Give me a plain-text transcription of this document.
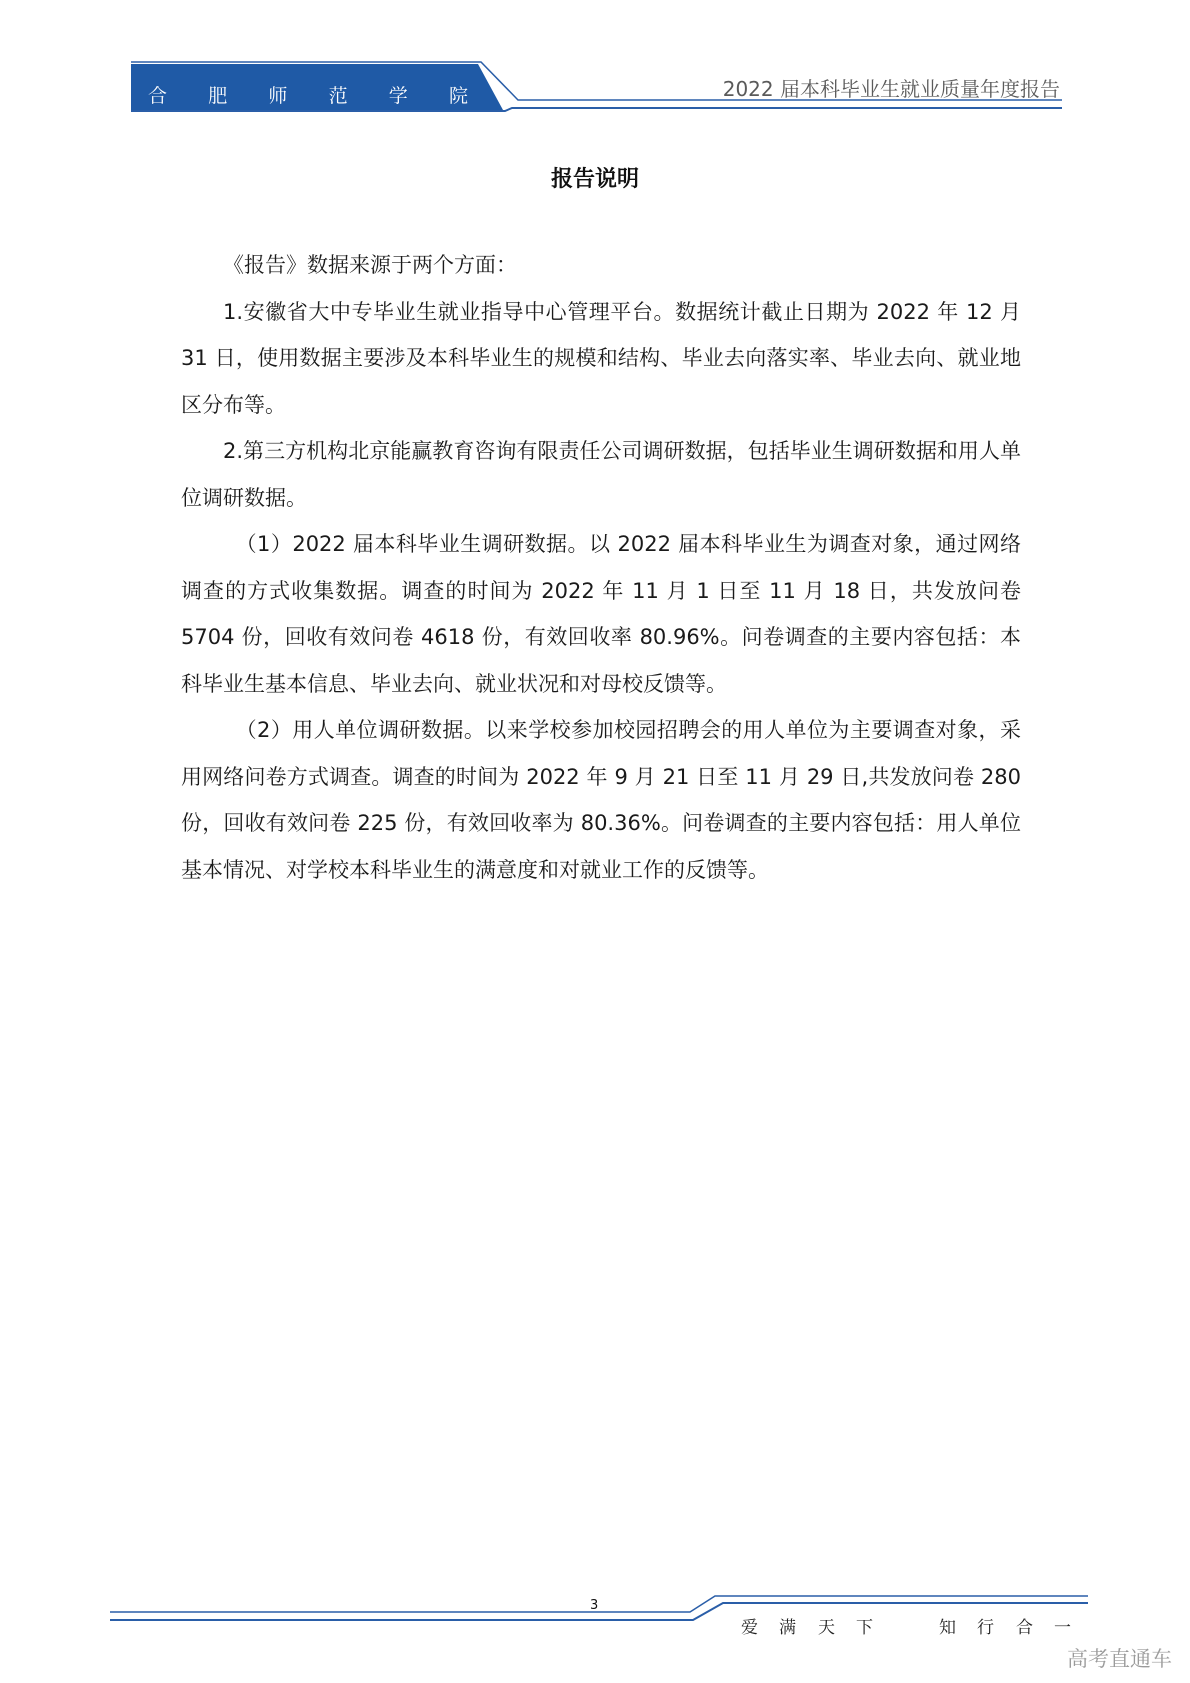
合 肥 师 范 学 院	2022 届本科毕业生就业质量年度报告
报告说明

《报告》数据来源于两个方面：

1.安徽省大中专毕业生就业指导中心管理平台。数据统计截止日期为 2022 年 12 月 31 日，使用数据主要涉及本科毕业生的规模和结构、毕业去向落实率、毕业去向、就业地区分布等。

2.第三方机构北京能赢教育咨询有限责任公司调研数据，包括毕业生调研数据和用人单位调研数据。

（1）2022 届本科毕业生调研数据。以 2022 届本科毕业生为调查对象，通过网络调查的方式收集数据。调查的时间为 2022 年 11 月 1 日至 11 月 18 日，共发放问卷 5704 份，回收有效问卷 4618 份，有效回收率 80.96%。问卷调查的主要内容包括：本科毕业生基本信息、毕业去向、就业状况和对母校反馈等。

（2）用人单位调研数据。以来学校参加校园招聘会的用人单位为主要调查对象，采用网络问卷方式调查。调查的时间为 2022 年 9 月 21 日至 11 月 29 日,共发放问卷 280 份，回收有效问卷 225 份，有效回收率为 80.36%。问卷调查的主要内容包括：用人单位基本情况、对学校本科毕业生的满意度和对就业工作的反馈等。

3
爱 满 天 下	知 行 合 一
高考直通车
